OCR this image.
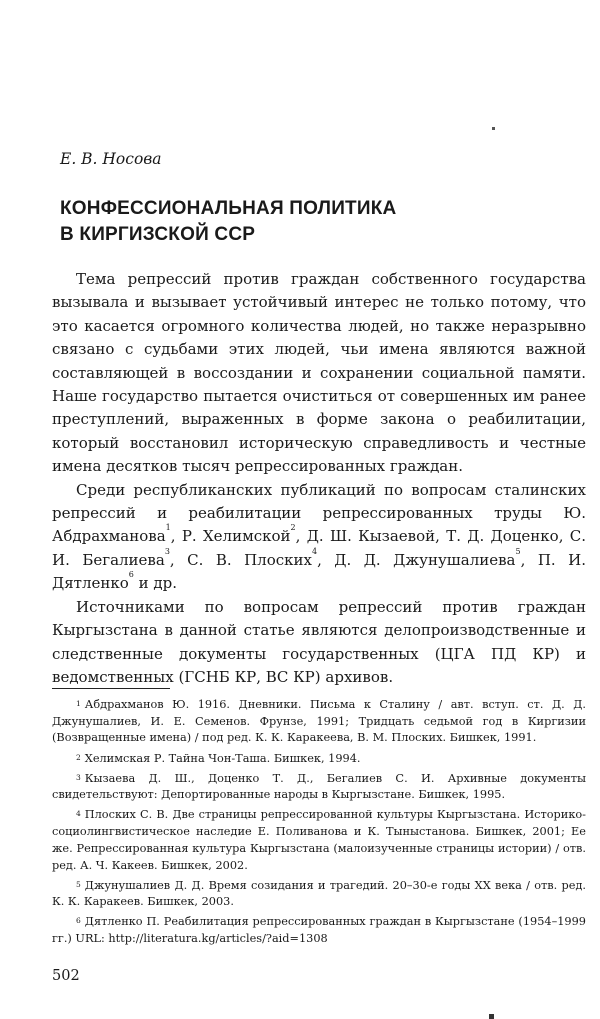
Е. В. Носова
КОНФЕССИОНАЛЬНАЯ ПОЛИТИКА
В КИРГИЗСКОЙ ССР

Тема репрессий против граждан собственного государства вызывала и вызывает устойчивый интерес не только потому, что это касается огромного количества людей, но также неразрывно связано с судьбами этих людей, чьи имена являются важной составляющей в воссоздании и сохранении социальной памяти. Наше государство пытается очиститься от совершенных им ранее преступлений, выраженных в форме закона о реабилитации, который восстановил историческую справедливость и честные имена десятков тысяч репрессированных граждан.

Среди республиканских публикаций по вопросам сталинских репрессий и реабилитации репрессированных труды Ю. Абдрахманова$^1$, Р. Хелимской$^2$, Д. Ш. Кызаевой, Т. Д. Доценко, С. И. Бегалиева$^3$, С. В. Плоских$^4$, Д. Д. Джунушалиева$^5$, П. И. Дятленко$^6$ и др.

Источниками по вопросам репрессий против граждан Кыргызстана в данной статье являются делопроизводственные и следственные документы государственных (ЦГА ПД КР) и ведомственных (ГСНБ КР, ВС КР) архивов.

$^1$ Абдрахманов Ю. 1916. Дневники. Письма к Сталину / авт. вступ. ст. Д. Д. Джунушалиев, И. Е. Семенов. Фрунзе, 1991; Тридцать седьмой год в Киргизии (Возвращенные имена) / под ред. К. К. Каракеева, В. М. Плоских. Бишкек, 1991.

$^2$ Хелимская Р. Тайна Чон-Таша. Бишкек, 1994.

$^3$ Кызаева Д. Ш., Доценко Т. Д., Бегалиев С. И. Архивные документы свидетельствуют: Депортированные народы в Кыргызстане. Бишкек, 1995.

$^4$ Плоских С. В. Две страницы репрессированной культуры Кыргызстана. Историко-социолингвистическое наследие Е. Поливанова и К. Тыныстанова. Бишкек, 2001; Ее же. Репрессированная культура Кыргызстана (малоизученные страницы истории) / отв. ред. А. Ч. Какеев. Бишкек, 2002.

$^5$ Джунушалиев Д. Д. Время созидания и трагедий. 20–30-е годы XX века / отв. ред. К. К. Каракеев. Бишкек, 2003.

$^6$ Дятленко П. Реабилитация репрессированных граждан в Кыргызстане (1954–1999 гг.) URL: http://literatura.kg/articles/?aid=1308

502
